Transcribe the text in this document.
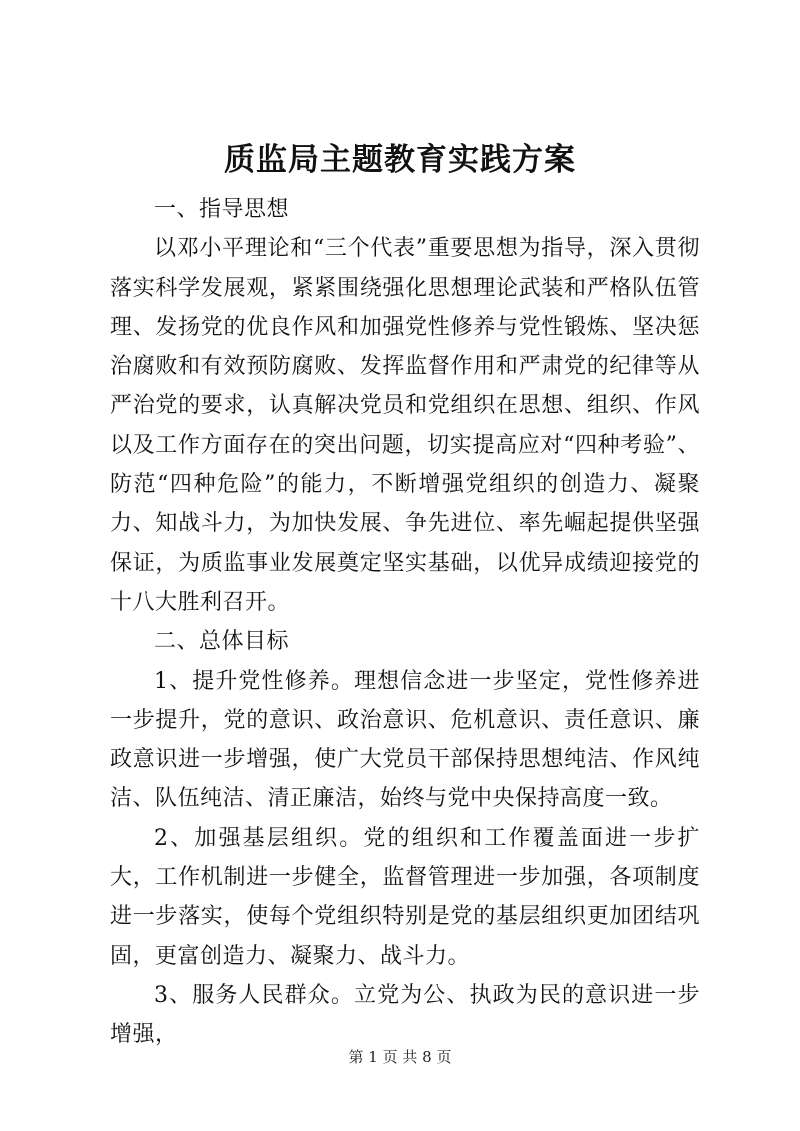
质监局主题教育实践方案

一、指导思想

以邓小平理论和“三个代表”重要思想为指导，深入贯彻落实科学发展观，紧紧围绕强化思想理论武装和严格队伍管理、发扬党的优良作风和加强党性修养与党性锻炼、坚决惩治腐败和有效预防腐败、发挥监督作用和严肃党的纪律等从严治党的要求，认真解决党员和党组织在思想、组织、作风以及工作方面存在的突出问题，切实提高应对“四种考验”、防范“四种危险”的能力，不断增强党组织的创造力、凝聚力、知战斗力，为加快发展、争先进位、率先崛起提供坚强保证，为质监事业发展奠定坚实基础，以优异成绩迎接党的十八大胜利召开。

二、总体目标

1、提升党性修养。理想信念进一步坚定，党性修养进一步提升，党的意识、政治意识、危机意识、责任意识、廉政意识进一步增强，使广大党员干部保持思想纯洁、作风纯洁、队伍纯洁、清正廉洁，始终与党中央保持高度一致。

2、加强基层组织。党的组织和工作覆盖面进一步扩大，工作机制进一步健全，监督管理进一步加强，各项制度进一步落实，使每个党组织特别是党的基层组织更加团结巩固，更富创造力、凝聚力、战斗力。

3、服务人民群众。立党为公、执政为民的意识进一步增强，

第 1 页 共 8 页
